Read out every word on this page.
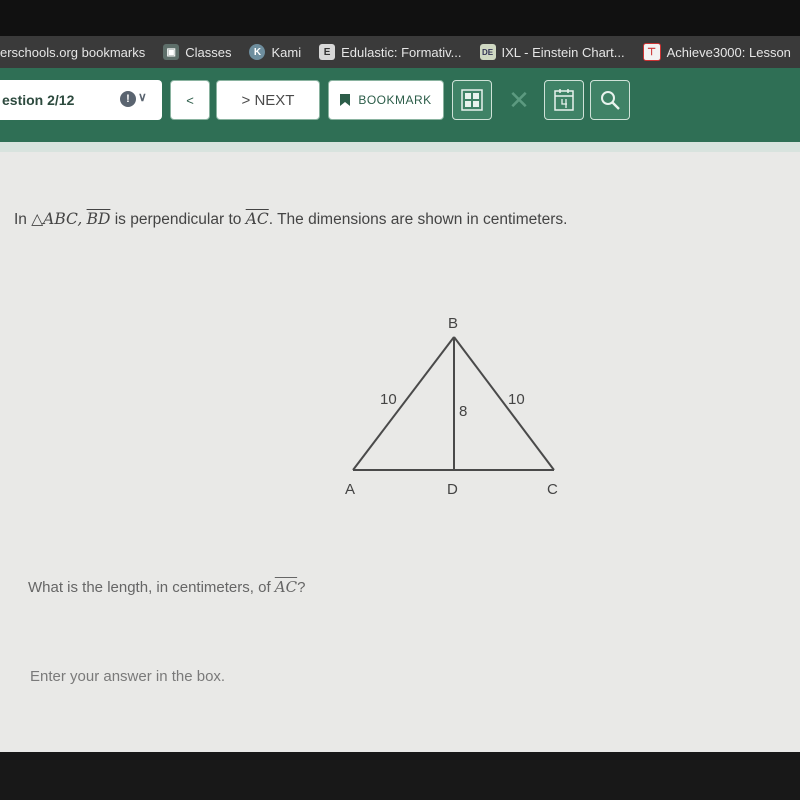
erschools.org bookmarks	▣ Classes	K Kami	E Edulastic: Formativ...	DE IXL - Einstein Chart...	⊤ Achieve3000: Lesson
estion 2/12	! ∨	<	> NEXT	BOOKMARK	✕
In △ABC, $\overline{BD}$ is perpendicular to $\overline{AC}$. The dimensions are shown in centimeters.
B
A	D	C
10	10
8
What is the length, in centimeters, of $\overline{AC}$?
Enter your answer in the box.
